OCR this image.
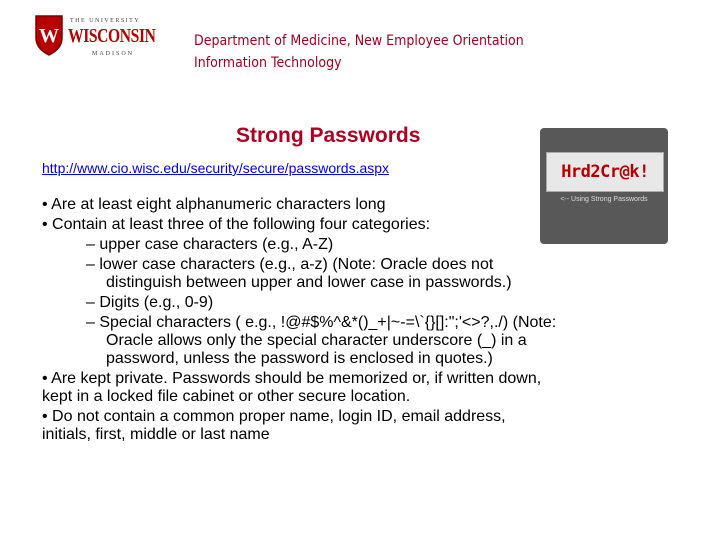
W
THE UNIVERSITY
WISCONSIN
MADISON
Department of Medicine, New Employee Orientation
Information Technology
Strong Passwords
http://www.cio.wisc.edu/security/secure/passwords.aspx	Hrd2Cr@k!
<-- Using Strong Passwords
• Are at least eight alphanumeric characters long
• Contain at least three of the following four categories:
– upper case characters (e.g., A-Z)
– lower case characters (e.g., a-z) (Note: Oracle does not
distinguish between upper and lower case in passwords.)
– Digits (e.g., 0-9)
– Special characters ( e.g., !@#$%^&*()_+|~-=\`{}[]:";'<>?,./) (Note:
Oracle allows only the special character underscore (_) in a
password, unless the password is enclosed in quotes.)
• Are kept private. Passwords should be memorized or, if written down,
kept in a locked file cabinet or other secure location.
• Do not contain a common proper name, login ID, email address,
initials, first, middle or last name
